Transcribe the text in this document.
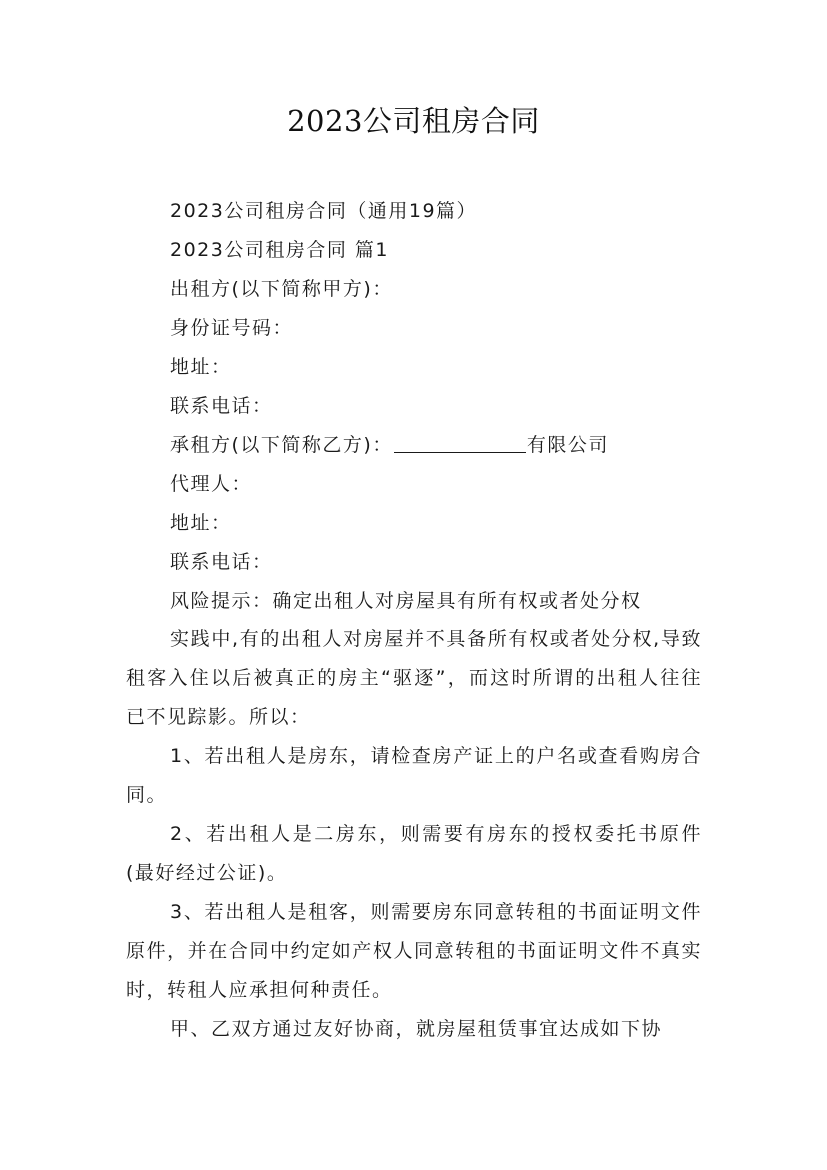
2023公司租房合同
2023公司租房合同（通用19篇）
2023公司租房合同 篇1
出租方(以下简称甲方)：
身份证号码：
地址：
联系电话：
承租方(以下简称乙方)：	有限公司
代理人：
地址：
联系电话：
风险提示：确定出租人对房屋具有所有权或者处分权
实践中,有的出租人对房屋并不具备所有权或者处分权,导致租客入住以后被真正的房主“驱逐”，而这时所谓的出租人往往已不见踪影。所以：
1、若出租人是房东，请检查房产证上的户名或查看购房合同。
2、若出租人是二房东，则需要有房东的授权委托书原件(最好经过公证)。
3、若出租人是租客，则需要房东同意转租的书面证明文件原件，并在合同中约定如产权人同意转租的书面证明文件不真实时，转租人应承担何种责任。
甲、乙双方通过友好协商，就房屋租赁事宜达成如下协
